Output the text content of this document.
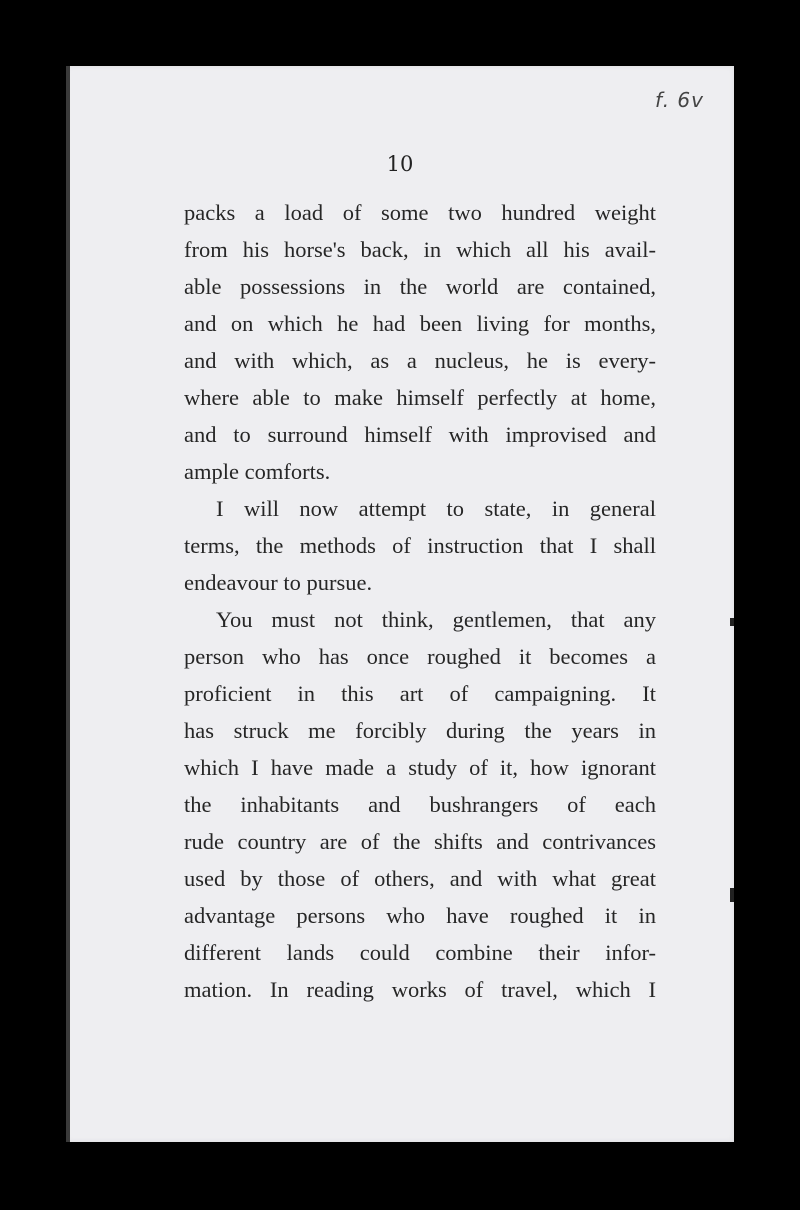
f. 6v
10
packs a load of some two hundred weight
from his horse's back, in which all his avail-
able possessions in the world are contained,
and on which he had been living for months,
and with which, as a nucleus, he is every-
where able to make himself perfectly at home,
and to surround himself with improvised and
ample comforts.
I will now attempt to state, in general
terms, the methods of instruction that I shall
endeavour to pursue.
You must not think, gentlemen, that any
person who has once roughed it becomes a
proficient in this art of campaigning. It
has struck me forcibly during the years in
which I have made a study of it, how ignorant
the inhabitants and bushrangers of each
rude country are of the shifts and contrivances
used by those of others, and with what great
advantage persons who have roughed it in
different lands could combine their infor-
mation. In reading works of travel, which I
